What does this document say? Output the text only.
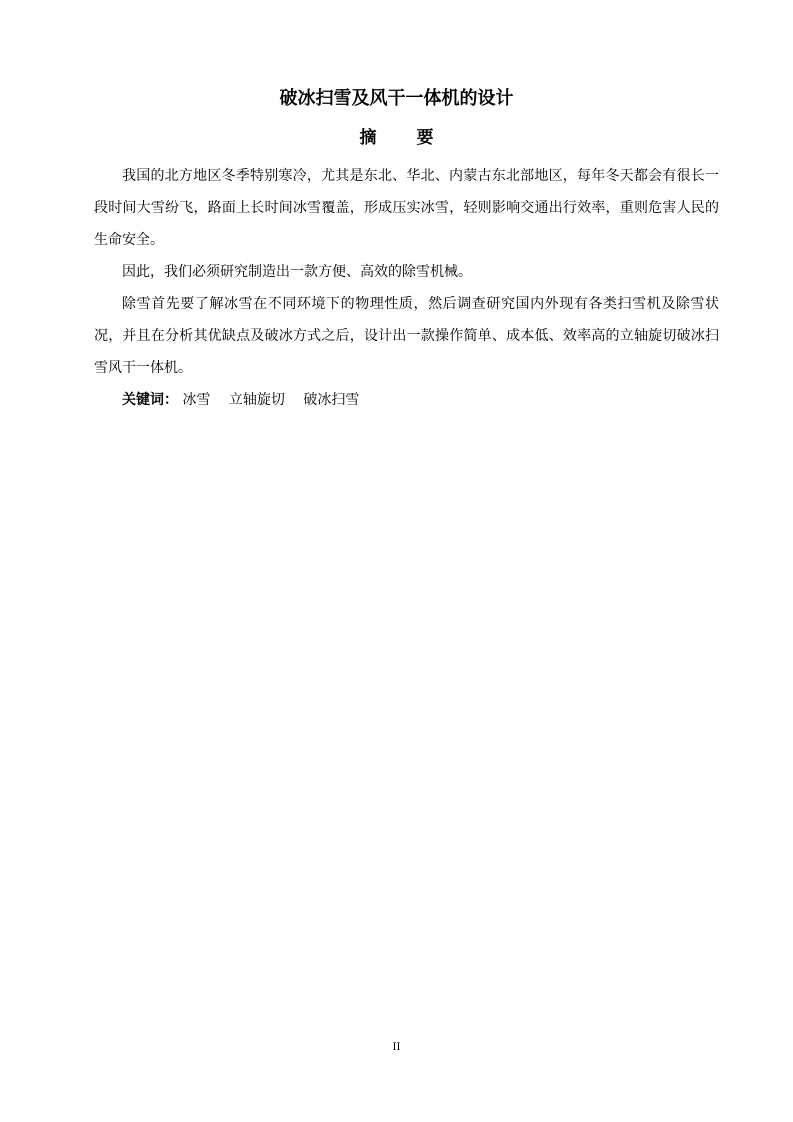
破冰扫雪及风干一体机的设计
摘要

我国的北方地区冬季特别寒冷，尤其是东北、华北、内蒙古东北部地区，每年冬天都会有很长一段时间大雪纷飞，路面上长时间冰雪覆盖，形成压实冰雪，轻则影响交通出行效率，重则危害人民的生命安全。

因此，我们必须研究制造出一款方便、高效的除雪机械。

除雪首先要了解冰雪在不同环境下的物理性质，然后调查研究国内外现有各类扫雪机及除雪状况，并且在分析其优缺点及破冰方式之后，设计出一款操作简单、成本低、效率高的立轴旋切破冰扫雪风干一体机。

关键词： 冰雪 立轴旋切 破冰扫雪

II
